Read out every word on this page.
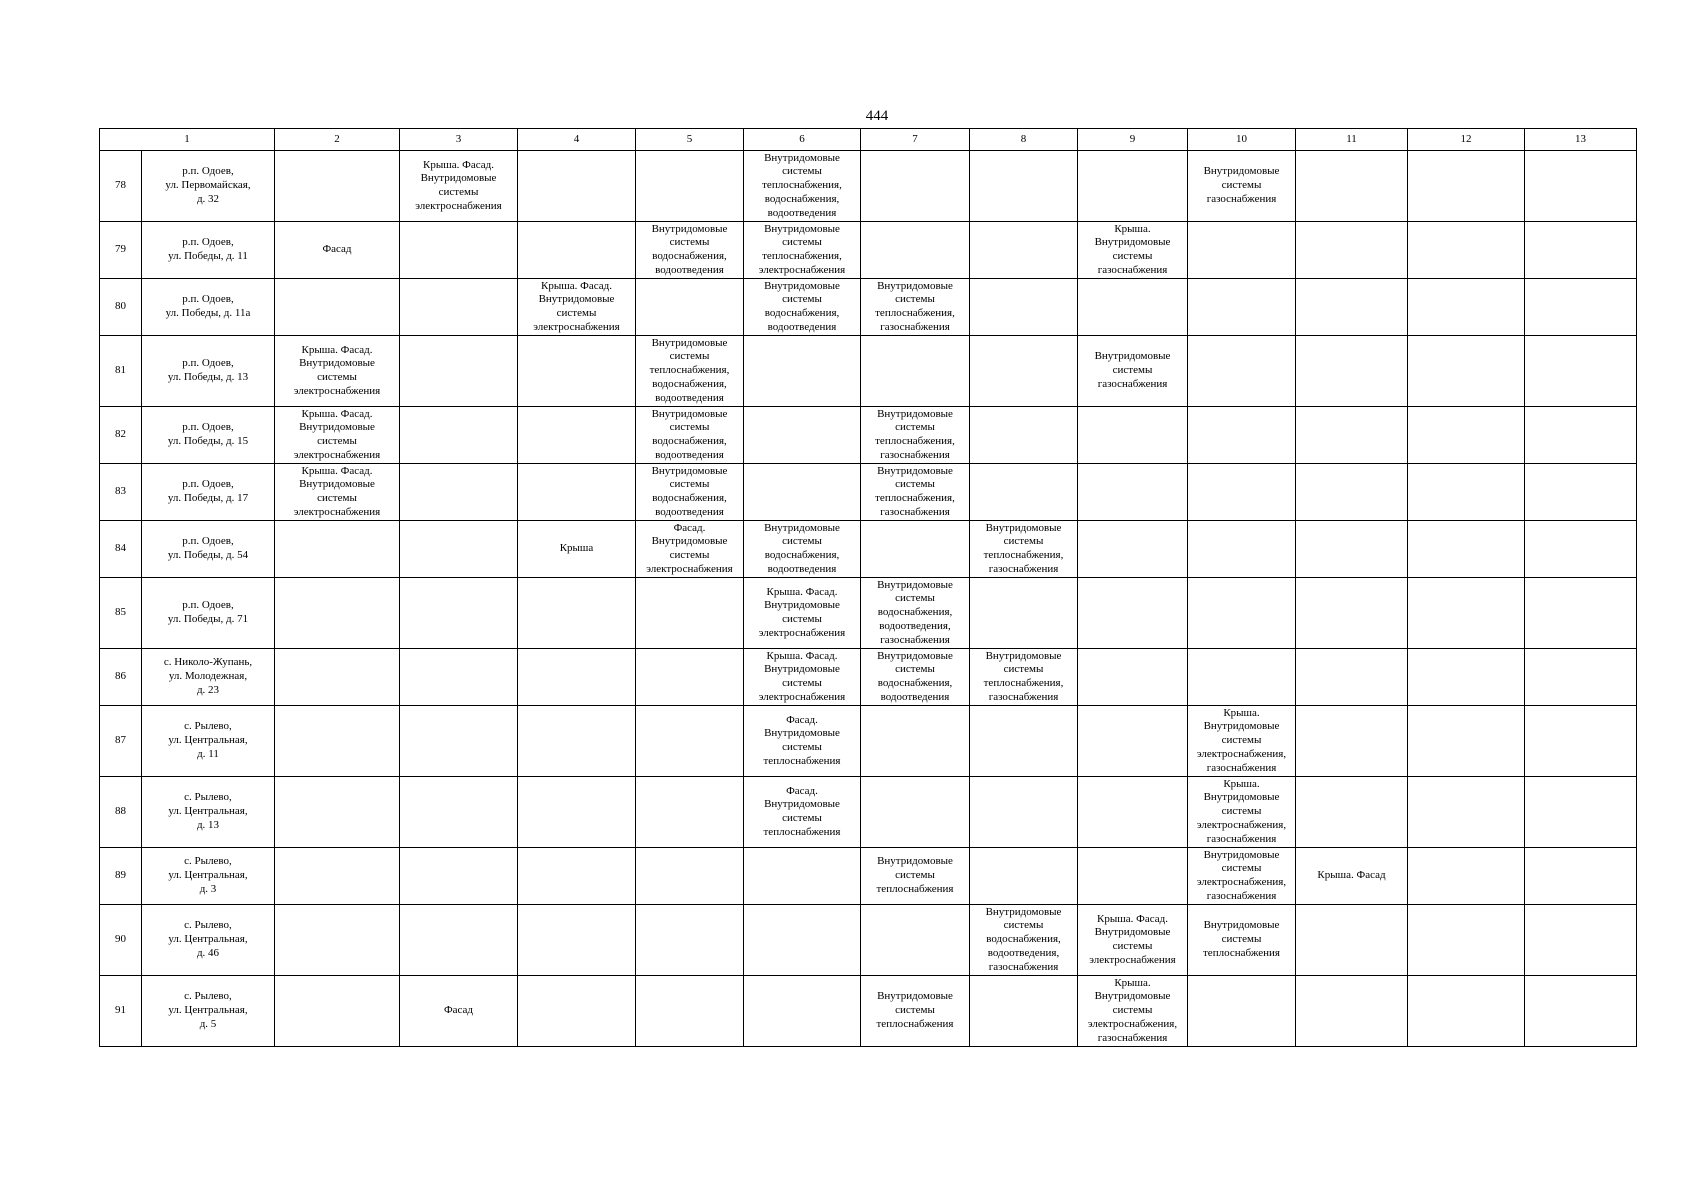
444
1		2	3	4	5	6	7	8	9	10	11	12	13
78	р.п. Одоев,
ул. Первомайская,
д. 32		Крыша. Фасад.
Внутридомовые
системы
электроснабжения			Внутридомовые
системы
теплоснабжения,
водоснабжения,
водоотведения				Внутридомовые
системы
газоснабжения			
79	р.п. Одоев,
ул. Победы, д. 11	Фасад			Внутридомовые
системы
водоснабжения,
водоотведения	Внутридомовые
системы
теплоснабжения,
электроснабжения			Крыша.
Внутридомовые
системы
газоснабжения				
80	р.п. Одоев,
ул. Победы, д. 11а			Крыша. Фасад.
Внутридомовые
системы
электроснабжения		Внутридомовые
системы
водоснабжения,
водоотведения	Внутридомовые
системы
теплоснабжения,
газоснабжения						
81	р.п. Одоев,
ул. Победы, д. 13	Крыша. Фасад.
Внутридомовые
системы
электроснабжения			Внутридомовые
системы
теплоснабжения,
водоснабжения,
водоотведения				Внутридомовые
системы
газоснабжения				
82	р.п. Одоев,
ул. Победы, д. 15	Крыша. Фасад.
Внутридомовые
системы
электроснабжения			Внутридомовые
системы
водоснабжения,
водоотведения		Внутридомовые
системы
теплоснабжения,
газоснабжения						
83	р.п. Одоев,
ул. Победы, д. 17	Крыша. Фасад.
Внутридомовые
системы
электроснабжения			Внутридомовые
системы
водоснабжения,
водоотведения		Внутридомовые
системы
теплоснабжения,
газоснабжения						
84	р.п. Одоев,
ул. Победы, д. 54			Крыша	Фасад.
Внутридомовые
системы
электроснабжения	Внутридомовые
системы
водоснабжения,
водоотведения		Внутридомовые
системы
теплоснабжения,
газоснабжения					
85	р.п. Одоев,
ул. Победы, д. 71					Крыша. Фасад.
Внутридомовые
системы
электроснабжения	Внутридомовые
системы
водоснабжения,
водоотведения,
газоснабжения						
86	с. Николо-Жупань,
ул. Молодежная,
д. 23					Крыша. Фасад.
Внутридомовые
системы
электроснабжения	Внутридомовые
системы
водоснабжения,
водоотведения	Внутридомовые
системы
теплоснабжения,
газоснабжения					
87	с. Рылево,
ул. Центральная,
д. 11					Фасад.
Внутридомовые
системы
теплоснабжения				Крыша.
Внутридомовые
системы
электроснабжения,
газоснабжения			
88	с. Рылево,
ул. Центральная,
д. 13					Фасад.
Внутридомовые
системы
теплоснабжения				Крыша.
Внутридомовые
системы
электроснабжения,
газоснабжения			
89	с. Рылево,
ул. Центральная,
д. 3						Внутридомовые
системы
теплоснабжения			Внутридомовые
системы
электроснабжения,
газоснабжения	Крыша. Фасад		
90	с. Рылево,
ул. Центральная,
д. 46							Внутридомовые
системы
водоснабжения,
водоотведения,
газоснабжения	Крыша. Фасад.
Внутридомовые
системы
электроснабжения	Внутридомовые
системы
теплоснабжения			
91	с. Рылево,
ул. Центральная,
д. 5		Фасад				Внутридомовые
системы
теплоснабжения		Крыша.
Внутридомовые
системы
электроснабжения,
газоснабжения				
